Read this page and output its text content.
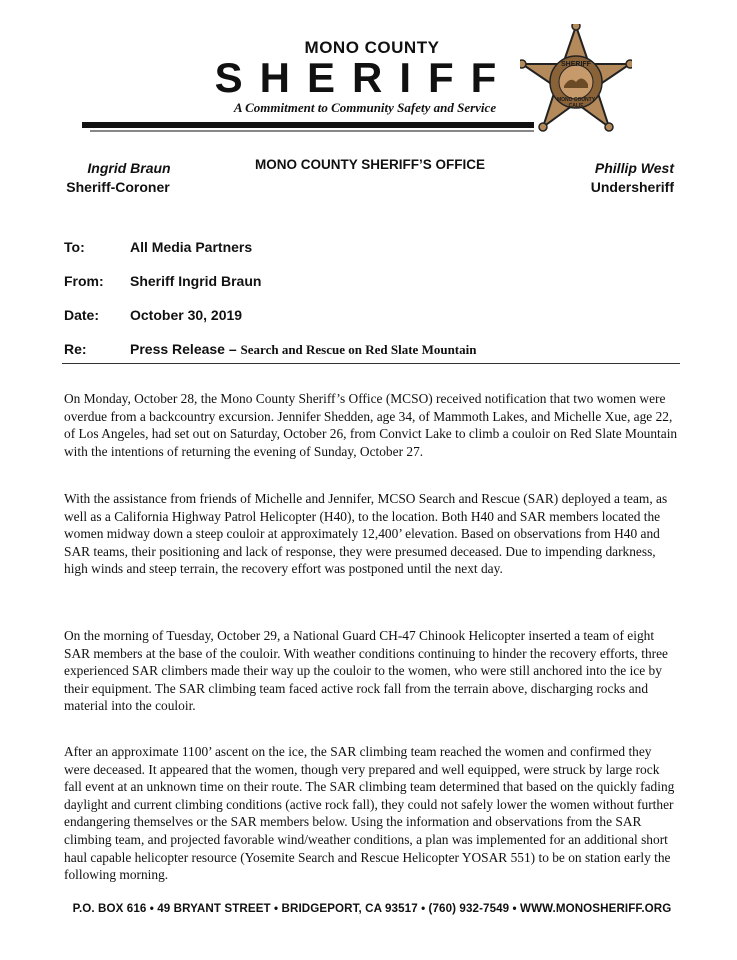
MONO COUNTY
SHERIFF
A Commitment to Community Safety and Service
SHERIFF
MONO COUNTY
CALIF
Ingrid Braun
Sheriff-Coroner
MONO COUNTY SHERIFF’S OFFICE	Phillip West
Undersheriff
To:	All Media Partners
From: Sheriff Ingrid Braun
Date: October 30, 2019
Re:	Press Release – Search and Rescue on Red Slate Mountain
On Monday, October 28, the Mono County Sheriff’s Office (MCSO) received notification that two women were overdue from a backcountry excursion. Jennifer Shedden, age 34, of Mammoth Lakes, and Michelle Xue, age 22, of Los Angeles, had set out on Saturday, October 26, from Convict Lake to climb a couloir on Red Slate Mountain with the intentions of returning the evening of Sunday, October 27.
With the assistance from friends of Michelle and Jennifer, MCSO Search and Rescue (SAR) deployed a team, as well as a California Highway Patrol Helicopter (H40), to the location. Both H40 and SAR members located the women midway down a steep couloir at approximately 12,400’ elevation. Based on observations from H40 and SAR teams, their positioning and lack of response, they were presumed deceased. Due to impending darkness, high winds and steep terrain, the recovery effort was postponed until the next day.
On the morning of Tuesday, October 29, a National Guard CH-47 Chinook Helicopter inserted a team of eight SAR members at the base of the couloir. With weather conditions continuing to hinder the recovery efforts, three experienced SAR climbers made their way up the couloir to the women, who were still anchored into the ice by their equipment. The SAR climbing team faced active rock fall from the terrain above, discharging rocks and material into the couloir.
After an approximate 1100’ ascent on the ice, the SAR climbing team reached the women and confirmed they were deceased. It appeared that the women, though very prepared and well equipped, were struck by large rock fall event at an unknown time on their route. The SAR climbing team determined that based on the quickly fading daylight and current climbing conditions (active rock fall), they could not safely lower the women without further endangering themselves or the SAR members below. Using the information and observations from the SAR climbing team, and projected favorable wind/weather conditions, a plan was implemented for an additional short haul capable helicopter resource (Yosemite Search and Rescue Helicopter YOSAR 551) to be on station early the following morning.
P.O. BOX 616 • 49 BRYANT STREET • BRIDGEPORT, CA 93517 • (760) 932-7549 • WWW.MONOSHERIFF.ORG
